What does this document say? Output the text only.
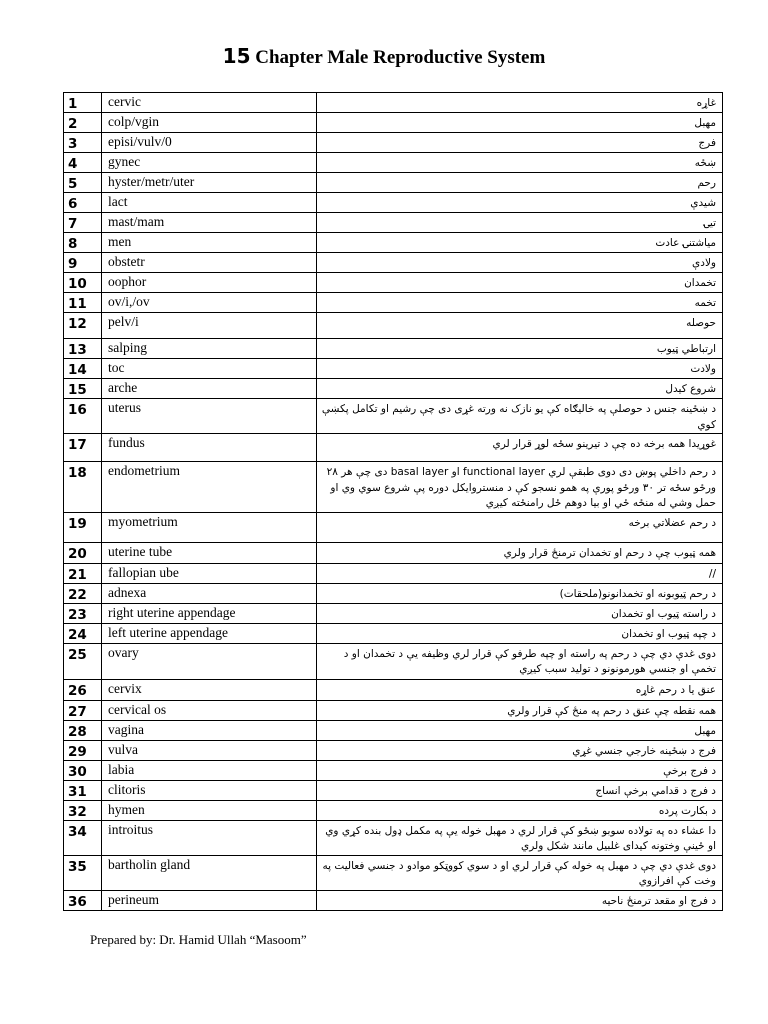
15 Chapter Male Reproductive System
1	cervic	غاړه
2	colp/vgin	مهبل
3	episi/vulv/0	فرج
4	gynec	ښځه
5	hyster/metr/uter	رحم
6	lact	شیدې
7	mast/mam	تیۍ
8	men	میاشتنۍ عادت
9	obstetr	ولادې
10	oophor	تخمدان
11	ov/i,/ov	تخمه
12	pelv/i	حوصله
13	salping	ارتباطي ټیوب
14	toc	ولادت
15	arche	شروع کیدل
16	uterus	د ښځینه جنس د حوصلې په خالیګاه کې یو نازک نه ورته غړی دی چې رشیم او تکامل پکښې کوي
17	fundus	غوړیدا همه برخه ده چې د تیرینو سځه لوړ قرار لري
18	endometrium	د رحم داخلي پوښ دی دوی طبقې لري functional layer او basal layer دی چې هر ۲۸ ورځو سځه تر ۳۰ ورځو پورې په همو نسجو کې د منستروایکل دوره پې شروع سوي وي او حمل وشي له منځه ځي او بیا دوهم ځل رامنځته کیږي
19	myometrium	د رحم عضلاتي برخه
20	uterine tube	همه ټیوب چې د رحم او تخمدان ترمنځ قرار ولري
21	fallopian ube	//
22	adnexa	د رحم ټیوبونه او تخمدانونو(ملحقات)
23	right uterine appendage	د راسته ټیوب او تخمدان
24	left uterine appendage	د چپه ټیوب او تخمدان
25	ovary	دوی غدې دي چې د رحم په راسته او چپه طرفو کې قرار لري وظیفه یې د تخمدان او د تخمې او جنسي هورمونونو د تولید سبب کیږي
26	cervix	عنق یا د رحم غاړه
27	cervical os	همه نقطه چې عنق د رحم په منځ کې قرار ولري
28	vagina	مهبل
29	vulva	فرج د ښځینه خارجي جنسي غړي
30	labia	د فرج برخې
31	clitoris	د فرج د قدامي برخې انساج
32	hymen	د بکارت پرده
34	introitus	دا عشاء ده په تولاده سوبو ښځو کې قرار لري د مهبل خوله یې په مکمل ډول بنده کړي وي او ځینې وختونه کیدای غلبیل مانند شکل ولري
35	bartholin gland	دوی غدې دي چې د مهبل په خوله کې قرار لري او د سوي کووټکو موادو د جنسي فعالیت په وخت کې افرازوي
36	perineum	د فرج او مقعد ترمنځ ناحیه
Prepared by: Dr. Hamid Ullah “Masoom”
